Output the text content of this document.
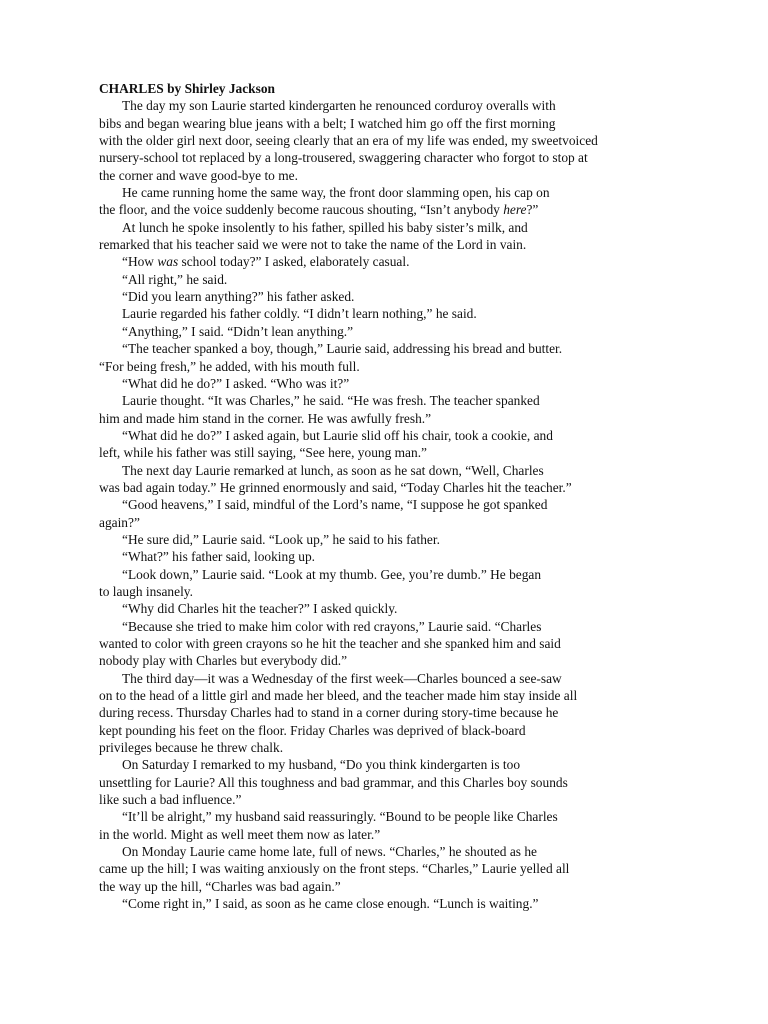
CHARLES by Shirley Jackson
The day my son Laurie started kindergarten he renounced corduroy overalls with
bibs and began wearing blue jeans with a belt; I watched him go off the first morning
with the older girl next door, seeing clearly that an era of my life was ended, my sweetvoiced
nursery-school tot replaced by a long-trousered, swaggering character who forgot to stop at
the corner and wave good-bye to me.
He came running home the same way, the front door slamming open, his cap on
the floor, and the voice suddenly become raucous shouting, “Isn’t anybody here?”
At lunch he spoke insolently to his father, spilled his baby sister’s milk, and
remarked that his teacher said we were not to take the name of the Lord in vain.
“How was school today?” I asked, elaborately casual.
“All right,” he said.
“Did you learn anything?” his father asked.
Laurie regarded his father coldly. “I didn’t learn nothing,” he said.
“Anything,” I said. “Didn’t lean anything.”
“The teacher spanked a boy, though,” Laurie said, addressing his bread and butter.
“For being fresh,” he added, with his mouth full.
“What did he do?” I asked. “Who was it?”
Laurie thought. “It was Charles,” he said. “He was fresh. The teacher spanked
him and made him stand in the corner. He was awfully fresh.”
“What did he do?” I asked again, but Laurie slid off his chair, took a cookie, and
left, while his father was still saying, “See here, young man.”
The next day Laurie remarked at lunch, as soon as he sat down, “Well, Charles
was bad again today.” He grinned enormously and said, “Today Charles hit the teacher.”
“Good heavens,” I said, mindful of the Lord’s name, “I suppose he got spanked
again?”
“He sure did,” Laurie said. “Look up,” he said to his father.
“What?” his father said, looking up.
“Look down,” Laurie said. “Look at my thumb. Gee, you’re dumb.” He began
to laugh insanely.
“Why did Charles hit the teacher?” I asked quickly.
“Because she tried to make him color with red crayons,” Laurie said. “Charles
wanted to color with green crayons so he hit the teacher and she spanked him and said
nobody play with Charles but everybody did.”
The third day—it was a Wednesday of the first week—Charles bounced a see-saw
on to the head of a little girl and made her bleed, and the teacher made him stay inside all
during recess. Thursday Charles had to stand in a corner during story-time because he
kept pounding his feet on the floor. Friday Charles was deprived of black-board
privileges because he threw chalk.
On Saturday I remarked to my husband, “Do you think kindergarten is too
unsettling for Laurie? All this toughness and bad grammar, and this Charles boy sounds
like such a bad influence.”
“It’ll be alright,” my husband said reassuringly. “Bound to be people like Charles
in the world. Might as well meet them now as later.”
On Monday Laurie came home late, full of news. “Charles,” he shouted as he
came up the hill; I was waiting anxiously on the front steps. “Charles,” Laurie yelled all
the way up the hill, “Charles was bad again.”
“Come right in,” I said, as soon as he came close enough. “Lunch is waiting.”
